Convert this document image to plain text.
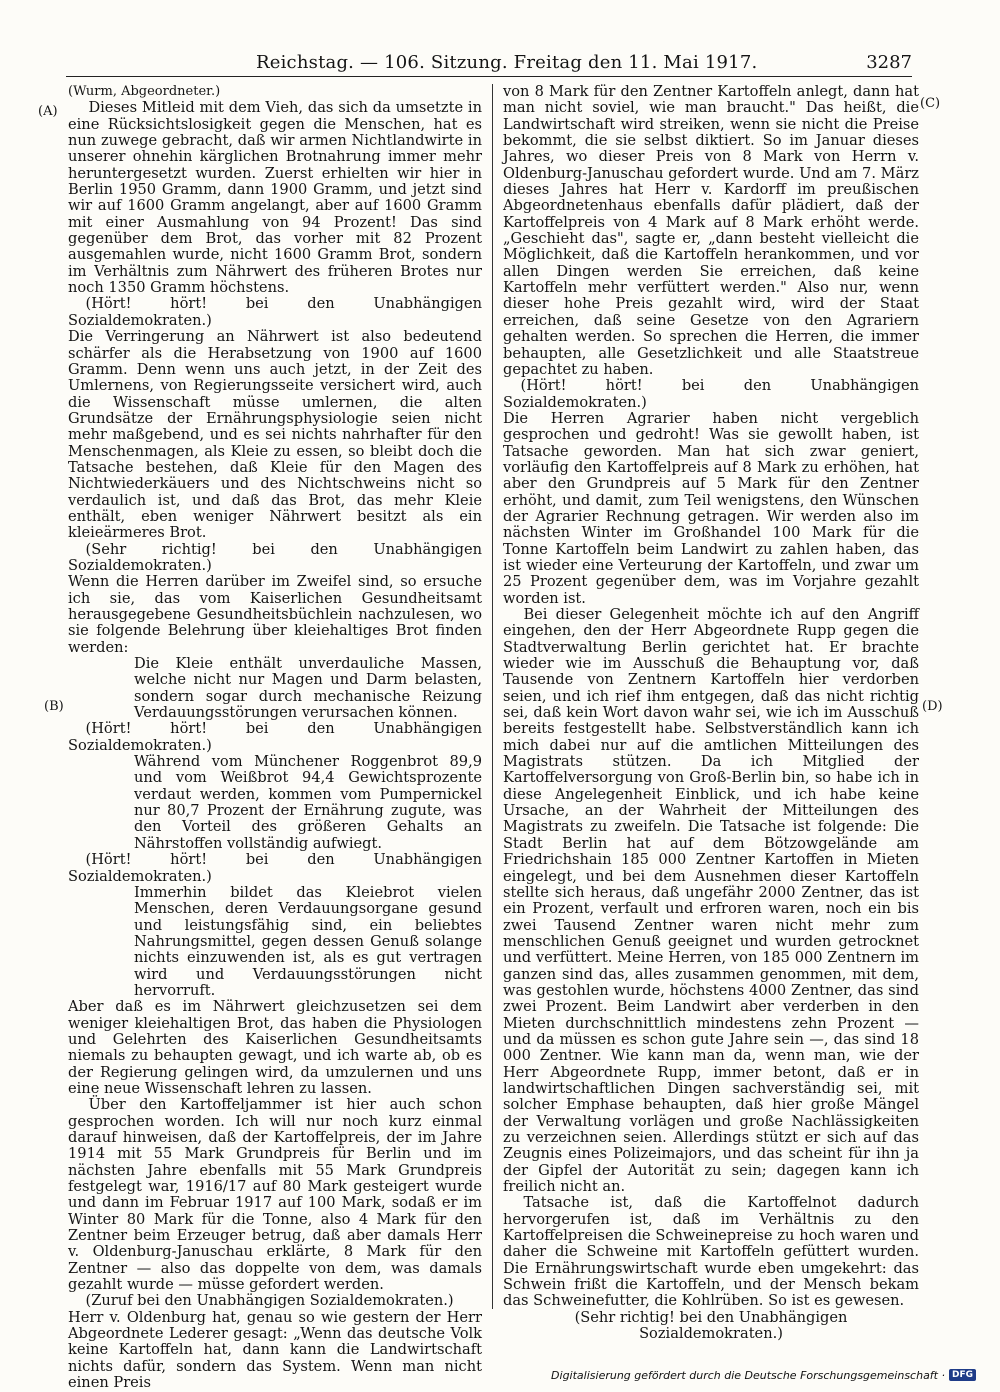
Reichstag. — 106. Sitzung. Freitag den 11. Mai 1917.	3287
(A)
(B)
(C)
(D)

(Wurm, Abgeordneter.)

Dieses Mitleid mit dem Vieh, das sich da umsetzte in eine Rücksichtslosigkeit gegen die Menschen, hat es nun zuwege gebracht, daß wir armen Nichtlandwirte in unserer ohnehin kärglichen Brotnahrung immer mehr heruntergesetzt wurden. Zuerst erhielten wir hier in Berlin 1950 Gramm, dann 1900 Gramm, und jetzt sind wir auf 1600 Gramm angelangt, aber auf 1600 Gramm mit einer Ausmahlung von 94 Prozent! Das sind gegenüber dem Brot, das vorher mit 82 Prozent ausgemahlen wurde, nicht 1600 Gramm Brot, sondern im Verhältnis zum Nährwert des früheren Brotes nur noch 1350 Gramm höchstens.

(Hört! hört! bei den Unabhängigen Sozialdemokraten.)

Die Verringerung an Nährwert ist also bedeutend schärfer als die Herabsetzung von 1900 auf 1600 Gramm. Denn wenn uns auch jetzt, in der Zeit des Umlernens, von Regierungsseite versichert wird, auch die Wissenschaft müsse umlernen, die alten Grundsätze der Ernährungsphysiologie seien nicht mehr maßgebend, und es sei nichts nahrhafter für den Menschenmagen, als Kleie zu essen, so bleibt doch die Tatsache bestehen, daß Kleie für den Magen des Nichtwiederkäuers und des Nichtschweins nicht so verdaulich ist, und daß das Brot, das mehr Kleie enthält, eben weniger Nährwert besitzt als ein kleieärmeres Brot.

(Sehr richtig! bei den Unabhängigen Sozialdemokraten.)

Wenn die Herren darüber im Zweifel sind, so ersuche ich sie, das vom Kaiserlichen Gesundheitsamt herausgegebene Gesundheitsbüchlein nachzulesen, wo sie folgende Belehrung über kleiehaltiges Brot finden werden:

Die Kleie enthält unverdauliche Massen, welche nicht nur Magen und Darm belasten, sondern sogar durch mechanische Reizung Verdauungsstörungen verursachen können.

(Hört! hört! bei den Unabhängigen Sozialdemokraten.)

Während vom Münchener Roggenbrot 89,9 und vom Weißbrot 94,4 Gewichtsprozente verdaut werden, kommen vom Pumpernickel nur 80,7 Prozent der Ernährung zugute, was den Vorteil des größeren Gehalts an Nährstoffen vollständig aufwiegt.

(Hört! hört! bei den Unabhängigen Sozialdemokraten.)

Immerhin bildet das Kleiebrot vielen Menschen, deren Verdauungsorgane gesund und leistungsfähig sind, ein beliebtes Nahrungsmittel, gegen dessen Genuß solange nichts einzuwenden ist, als es gut vertragen wird und Verdauungsstörungen nicht hervorruft.

Aber daß es im Nährwert gleichzusetzen sei dem weniger kleiehaltigen Brot, das haben die Physiologen und Gelehrten des Kaiserlichen Gesundheitsamts niemals zu behaupten gewagt, und ich warte ab, ob es der Regierung gelingen wird, da umzulernen und uns eine neue Wissenschaft lehren zu lassen.

Über den Kartoffeljammer ist hier auch schon gesprochen worden. Ich will nur noch kurz einmal darauf hinweisen, daß der Kartoffelpreis, der im Jahre 1914 mit 55 Mark Grundpreis für Berlin und im nächsten Jahre ebenfalls mit 55 Mark Grundpreis festgelegt war, 1916/17 auf 80 Mark gesteigert wurde und dann im Februar 1917 auf 100 Mark, sodaß er im Winter 80 Mark für die Tonne, also 4 Mark für den Zentner beim Erzeuger betrug, daß aber damals Herr v. Oldenburg-Januschau erklärte, 8 Mark für den Zentner — also das doppelte von dem, was damals gezahlt wurde — müsse gefordert werden.

(Zuruf bei den Unabhängigen Sozialdemokraten.)

Herr v. Oldenburg hat, genau so wie gestern der Herr Abgeordnete Lederer gesagt: „Wenn das deutsche Volk keine Kartoffeln hat, dann kann die Landwirtschaft nichts dafür, sondern das System. Wenn man nicht einen Preis

von 8 Mark für den Zentner Kartoffeln anlegt, dann hat man nicht soviel, wie man braucht." Das heißt, die Landwirtschaft wird streiken, wenn sie nicht die Preise bekommt, die sie selbst diktiert. So im Januar dieses Jahres, wo dieser Preis von 8 Mark von Herrn v. Oldenburg-Januschau gefordert wurde. Und am 7. März dieses Jahres hat Herr v. Kardorff im preußischen Abgeordnetenhaus ebenfalls dafür plädiert, daß der Kartoffelpreis von 4 Mark auf 8 Mark erhöht werde. „Geschieht das", sagte er, „dann besteht vielleicht die Möglichkeit, daß die Kartoffeln herankommen, und vor allen Dingen werden Sie erreichen, daß keine Kartoffeln mehr verfüttert werden." Also nur, wenn dieser hohe Preis gezahlt wird, wird der Staat erreichen, daß seine Gesetze von den Agrariern gehalten werden. So sprechen die Herren, die immer behaupten, alle Gesetzlichkeit und alle Staatstreue gepachtet zu haben.

(Hört! hört! bei den Unabhängigen Sozialdemokraten.)

Die Herren Agrarier haben nicht vergeblich gesprochen und gedroht! Was sie gewollt haben, ist Tatsache geworden. Man hat sich zwar geniert, vorläufig den Kartoffelpreis auf 8 Mark zu erhöhen, hat aber den Grundpreis auf 5 Mark für den Zentner erhöht, und damit, zum Teil wenigstens, den Wünschen der Agrarier Rechnung getragen. Wir werden also im nächsten Winter im Großhandel 100 Mark für die Tonne Kartoffeln beim Landwirt zu zahlen haben, das ist wieder eine Verteurung der Kartoffeln, und zwar um 25 Prozent gegenüber dem, was im Vorjahre gezahlt worden ist.

Bei dieser Gelegenheit möchte ich auf den Angriff eingehen, den der Herr Abgeordnete Rupp gegen die Stadtverwaltung Berlin gerichtet hat. Er brachte wieder wie im Ausschuß die Behauptung vor, daß Tausende von Zentnern Kartoffeln hier verdorben seien, und ich rief ihm entgegen, daß das nicht richtig sei, daß kein Wort davon wahr sei, wie ich im Ausschuß bereits festgestellt habe. Selbstverständlich kann ich mich dabei nur auf die amtlichen Mitteilungen des Magistrats stützen. Da ich Mitglied der Kartoffelversorgung von Groß-Berlin bin, so habe ich in diese Angelegenheit Einblick, und ich habe keine Ursache, an der Wahrheit der Mitteilungen des Magistrats zu zweifeln. Die Tatsache ist folgende: Die Stadt Berlin hat auf dem Bötzowgelände am Friedrichshain 185 000 Zentner Kartoffen in Mieten eingelegt, und bei dem Ausnehmen dieser Kartoffeln stellte sich heraus, daß ungefähr 2000 Zentner, das ist ein Prozent, verfault und erfroren waren, noch ein bis zwei Tausend Zentner waren nicht mehr zum menschlichen Genuß geeignet und wurden getrocknet und verfüttert. Meine Herren, von 185 000 Zentnern im ganzen sind das, alles zusammen genommen, mit dem, was gestohlen wurde, höchstens 4000 Zentner, das sind zwei Prozent. Beim Landwirt aber verderben in den Mieten durchschnittlich mindestens zehn Prozent — und da müssen es schon gute Jahre sein —, das sind 18 000 Zentner. Wie kann man da, wenn man, wie der Herr Abgeordnete Rupp, immer betont, daß er in landwirtschaftlichen Dingen sachverständig sei, mit solcher Emphase behaupten, daß hier große Mängel der Verwaltung vorlägen und große Nachlässigkeiten zu verzeichnen seien. Allerdings stützt er sich auf das Zeugnis eines Polizeimajors, und das scheint für ihn ja der Gipfel der Autorität zu sein; dagegen kann ich freilich nicht an.

Tatsache ist, daß die Kartoffelnot dadurch hervorgerufen ist, daß im Verhältnis zu den Kartoffelpreisen die Schweinepreise zu hoch waren und daher die Schweine mit Kartoffeln gefüttert wurden. Die Ernährungswirtschaft wurde eben umgekehrt: das Schwein frißt die Kartoffeln, und der Mensch bekam das Schweinefutter, die Kohlrüben. So ist es gewesen.

(Sehr richtig! bei den Unabhängigen Sozialdemokraten.)

Digitalisierung gefördert durch die Deutsche Forschungsgemeinschaft · DFG
